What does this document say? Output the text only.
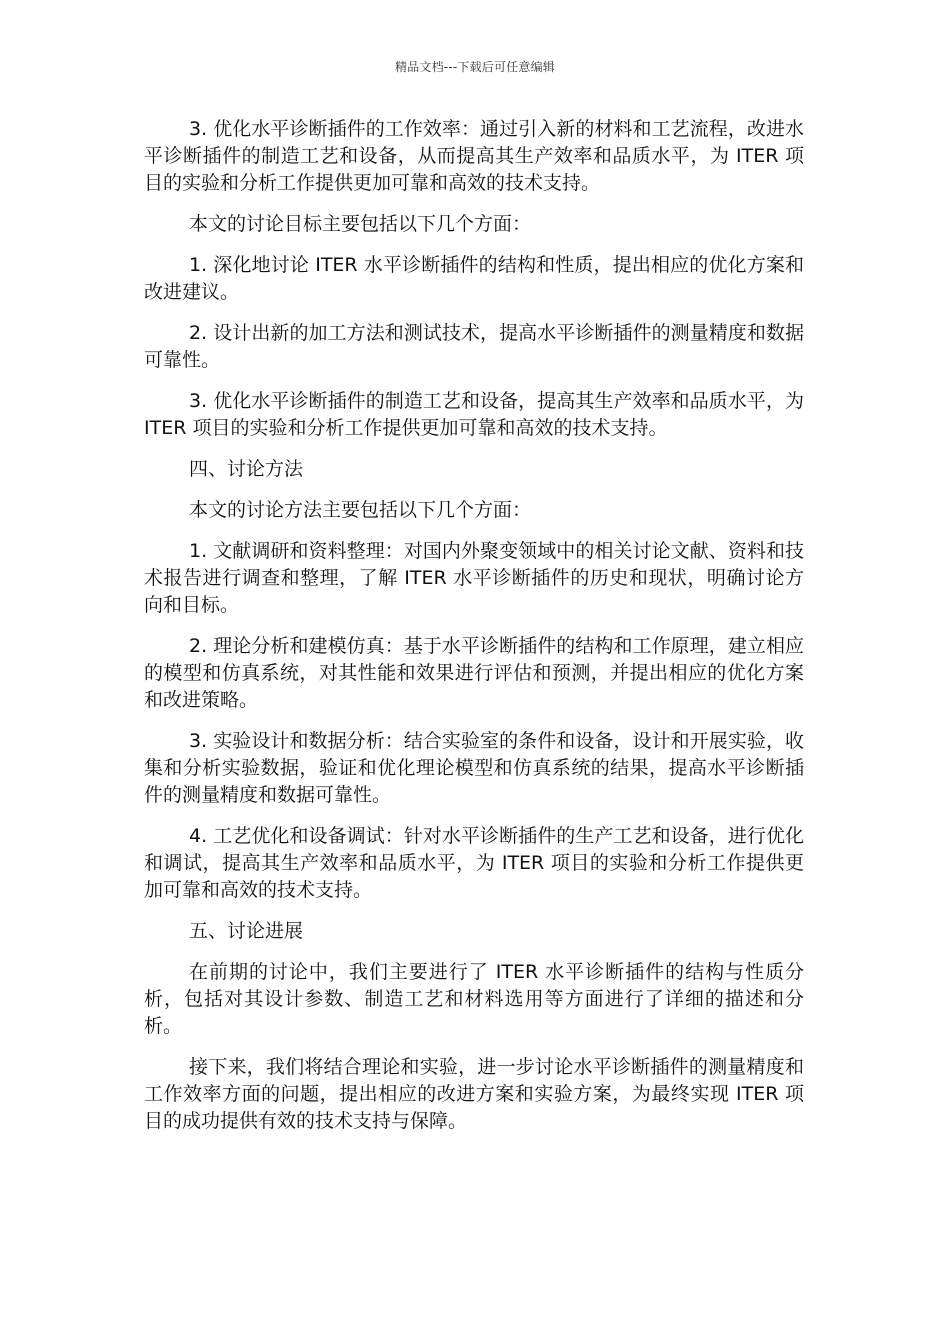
精品文档---下载后可任意编辑

3. 优化水平诊断插件的工作效率：通过引入新的材料和工艺流程，改进水平诊断插件的制造工艺和设备，从而提高其生产效率和品质水平，为 ITER 项目的实验和分析工作提供更加可靠和高效的技术支持。

本文的讨论目标主要包括以下几个方面：

1. 深化地讨论 ITER 水平诊断插件的结构和性质，提出相应的优化方案和改进建议。

2. 设计出新的加工方法和测试技术，提高水平诊断插件的测量精度和数据可靠性。

3. 优化水平诊断插件的制造工艺和设备，提高其生产效率和品质水平，为 ITER 项目的实验和分析工作提供更加可靠和高效的技术支持。

四、讨论方法

本文的讨论方法主要包括以下几个方面：

1. 文献调研和资料整理：对国内外聚变领域中的相关讨论文献、资料和技术报告进行调查和整理，了解 ITER 水平诊断插件的历史和现状，明确讨论方向和目标。

2. 理论分析和建模仿真：基于水平诊断插件的结构和工作原理，建立相应的模型和仿真系统，对其性能和效果进行评估和预测，并提出相应的优化方案和改进策略。

3. 实验设计和数据分析：结合实验室的条件和设备，设计和开展实验，收集和分析实验数据，验证和优化理论模型和仿真系统的结果，提高水平诊断插件的测量精度和数据可靠性。

4. 工艺优化和设备调试：针对水平诊断插件的生产工艺和设备，进行优化和调试，提高其生产效率和品质水平，为 ITER 项目的实验和分析工作提供更加可靠和高效的技术支持。

五、讨论进展

在前期的讨论中，我们主要进行了 ITER 水平诊断插件的结构与性质分析，包括对其设计参数、制造工艺和材料选用等方面进行了详细的描述和分析。

接下来，我们将结合理论和实验，进一步讨论水平诊断插件的测量精度和工作效率方面的问题，提出相应的改进方案和实验方案，为最终实现 ITER 项目的成功提供有效的技术支持与保障。
